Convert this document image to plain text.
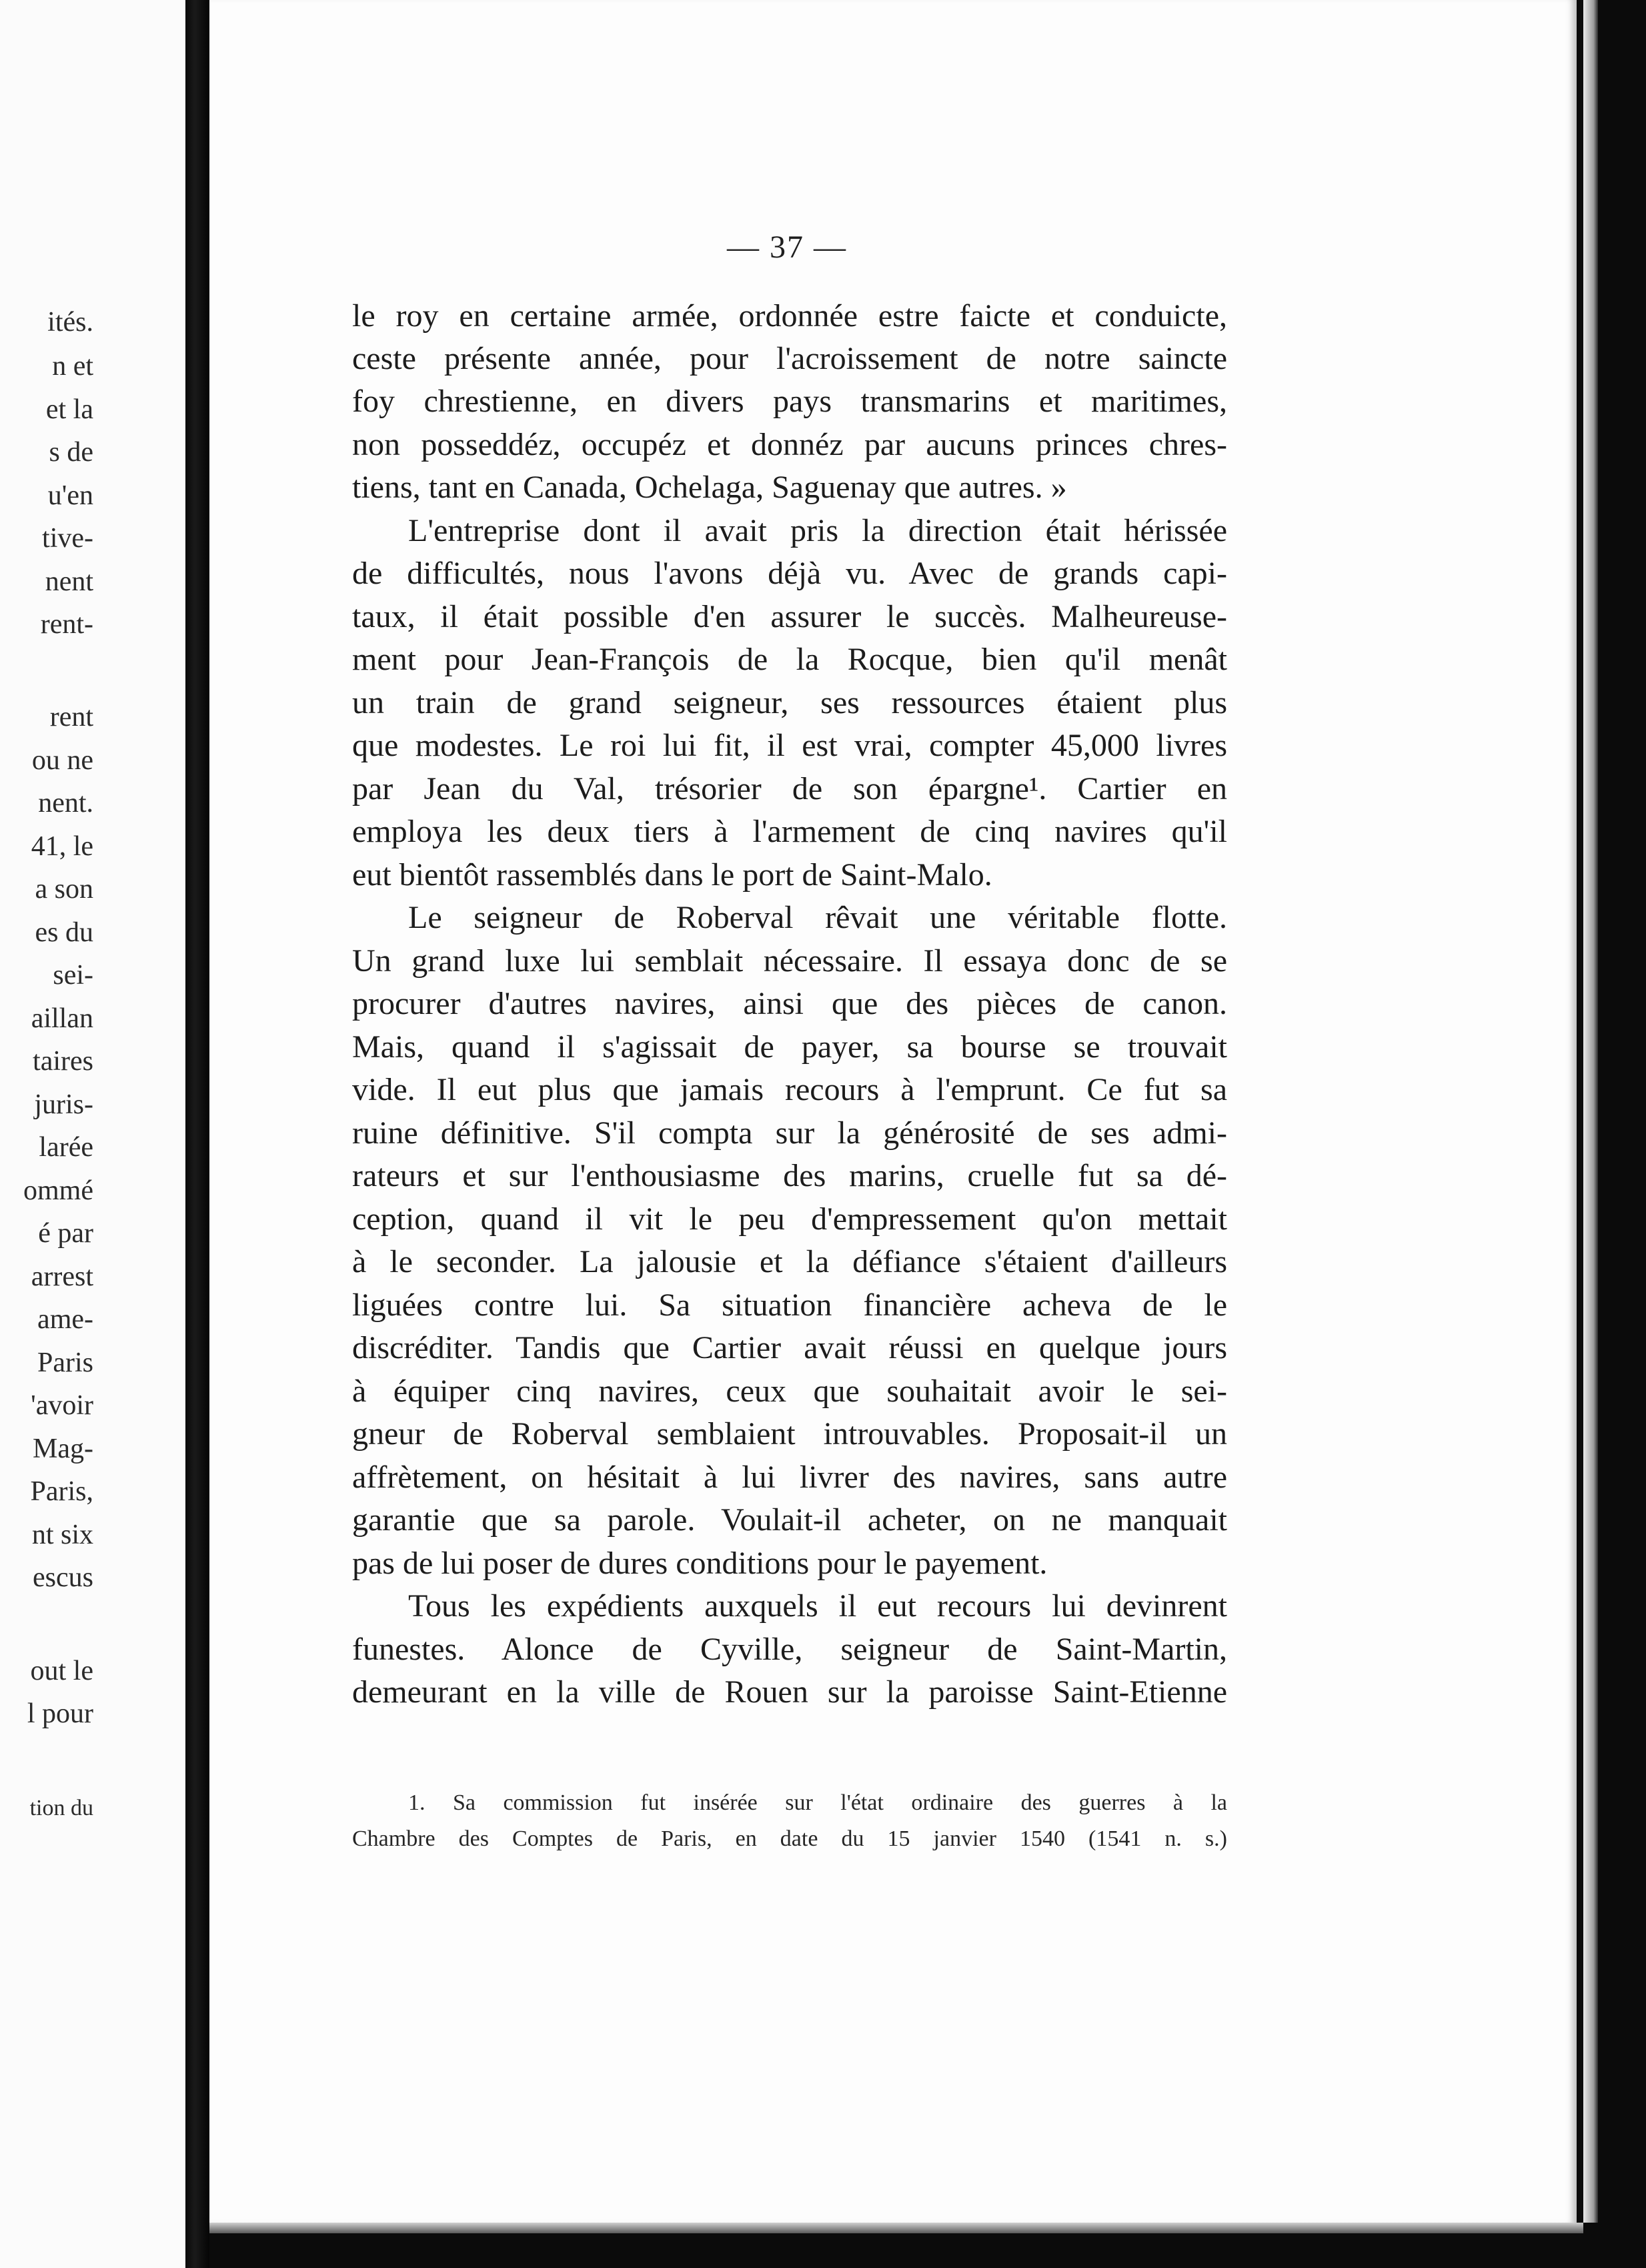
ités.
n et
et la
s de
u'en
tive-
nent
rent-
rent
ou ne
nent.
41, le
a son
es du
sei-
aillan
taires
juris-
larée
ommé
é par
arrest
ame-
Paris
'avoir
Mag-
Paris,
nt six
escus
out le
l pour
tion du
— 37 —
le roy en certaine armée, ordonnée estre faicte et conduicte,
ceste présente année, pour l'acroissement de notre saincte
foy chrestienne, en divers pays transmarins et maritimes,
non posseddéz, occupéz et donnéz par aucuns princes chres-
tiens, tant en Canada, Ochelaga, Saguenay que autres. »
L'entreprise dont il avait pris la direction était hérissée
de difficultés, nous l'avons déjà vu. Avec de grands capi-
taux, il était possible d'en assurer le succès. Malheureuse-
ment pour Jean-François de la Rocque, bien qu'il menât
un train de grand seigneur, ses ressources étaient plus
que modestes. Le roi lui fit, il est vrai, compter 45,000 livres
par Jean du Val, trésorier de son épargne¹. Cartier en
employa les deux tiers à l'armement de cinq navires qu'il
eut bientôt rassemblés dans le port de Saint-Malo.
Le seigneur de Roberval rêvait une véritable flotte.
Un grand luxe lui semblait nécessaire. Il essaya donc de se
procurer d'autres navires, ainsi que des pièces de canon.
Mais, quand il s'agissait de payer, sa bourse se trouvait
vide. Il eut plus que jamais recours à l'emprunt. Ce fut sa
ruine définitive. S'il compta sur la générosité de ses admi-
rateurs et sur l'enthousiasme des marins, cruelle fut sa dé-
ception, quand il vit le peu d'empressement qu'on mettait
à le seconder. La jalousie et la défiance s'étaient d'ailleurs
liguées contre lui. Sa situation financière acheva de le
discréditer. Tandis que Cartier avait réussi en quelque jours
à équiper cinq navires, ceux que souhaitait avoir le sei-
gneur de Roberval semblaient introuvables. Proposait-il un
affrètement, on hésitait à lui livrer des navires, sans autre
garantie que sa parole. Voulait-il acheter, on ne manquait
pas de lui poser de dures conditions pour le payement.
Tous les expédients auxquels il eut recours lui devinrent
funestes. Alonce de Cyville, seigneur de Saint-Martin,
demeurant en la ville de Rouen sur la paroisse Saint-Etienne
1. Sa commission fut insérée sur l'état ordinaire des guerres à la
Chambre des Comptes de Paris, en date du 15 janvier 1540 (1541 n. s.)
